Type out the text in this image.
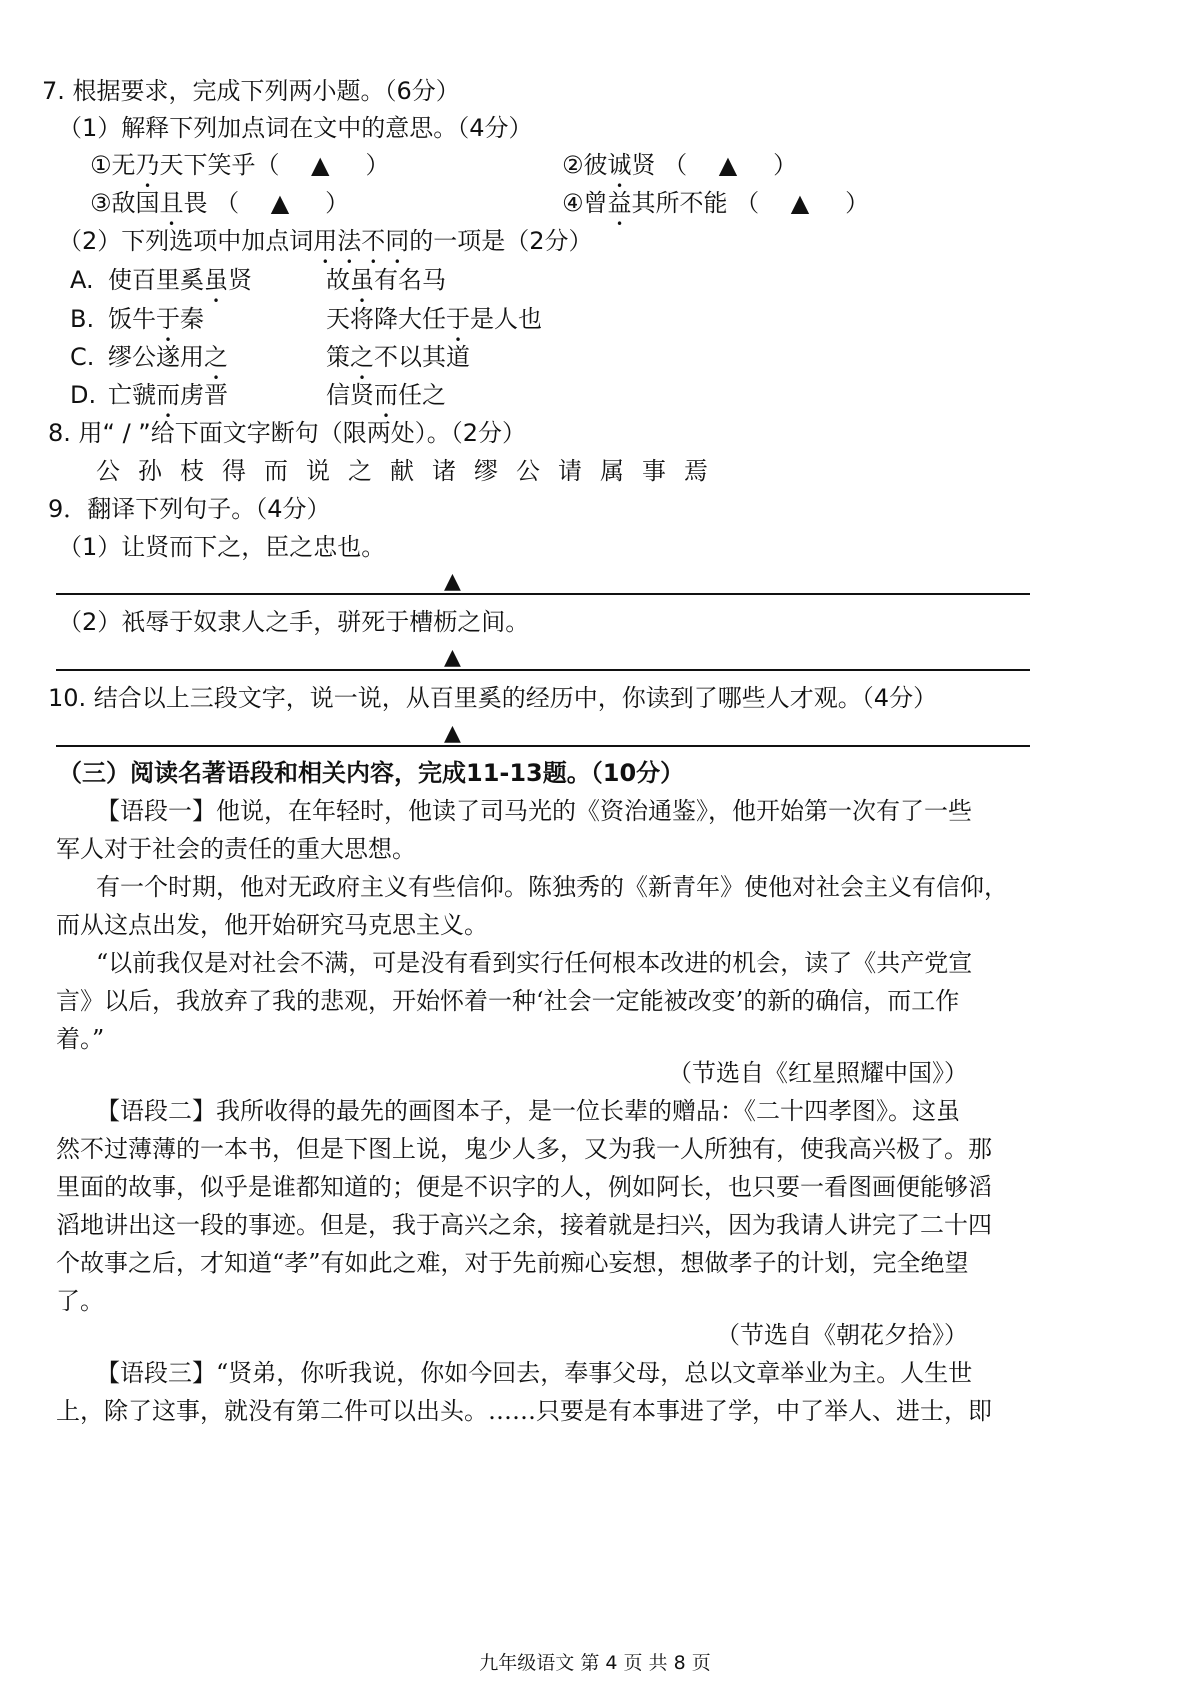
7. 根据要求，完成下列两小题。（6分）
（1）解释下列加点词在文中的意思。（4分）
①无乃天下笑乎（ ▲ ）	②彼诚贤 （ ▲ ）
③敌国且畏 （ ▲ ）	④曾益其所不能 （ ▲ ）
（2）下列选项中加点词用法不同的一项是（2分）
A. 使百里奚虽贤	故虽有名马
B. 饭牛于秦	天将降大任于是人也
C. 缪公遂用之	策之不以其道
D. 亡虢而虏晋	信贤而任之
8. 用“ / ”给下面文字断句（限两处）。（2分）
公孙枝得而说之献诸缪公请属事焉
9．翻译下列句子。（4分）
（1）让贤而下之，臣之忠也。
▲
（2）祇辱于奴隶人之手，骈死于槽枥之间。
▲
10. 结合以上三段文字，说一说，从百里奚的经历中，你读到了哪些人才观。（4分）
▲
（三）阅读名著语段和相关内容，完成11-13题。（10分）
【语段一】他说，在年轻时，他读了司马光的《资治通鉴》，他开始第一次有了一些
军人对于社会的责任的重大思想。
有一个时期，他对无政府主义有些信仰。陈独秀的《新青年》使他对社会主义有信仰，
而从这点出发，他开始研究马克思主义。
“以前我仅是对社会不满，可是没有看到实行任何根本改进的机会，读了《共产党宣
言》以后，我放弃了我的悲观，开始怀着一种‘社会一定能被改变’的新的确信，而工作
着。”
（节选自《红星照耀中国》）
【语段二】我所收得的最先的画图本子，是一位长辈的赠品：《二十四孝图》。这虽
然不过薄薄的一本书，但是下图上说，鬼少人多，又为我一人所独有，使我高兴极了。那
里面的故事，似乎是谁都知道的；便是不识字的人，例如阿长，也只要一看图画便能够滔
滔地讲出这一段的事迹。但是，我于高兴之余，接着就是扫兴，因为我请人讲完了二十四
个故事之后，才知道“孝”有如此之难，对于先前痴心妄想，想做孝子的计划，完全绝望
了。
（节选自《朝花夕拾》）
【语段三】“贤弟，你听我说，你如今回去，奉事父母，总以文章举业为主。人生世
上，除了这事，就没有第二件可以出头。……只要是有本事进了学，中了举人、进士，即
九年级语文 第 4 页 共 8 页
